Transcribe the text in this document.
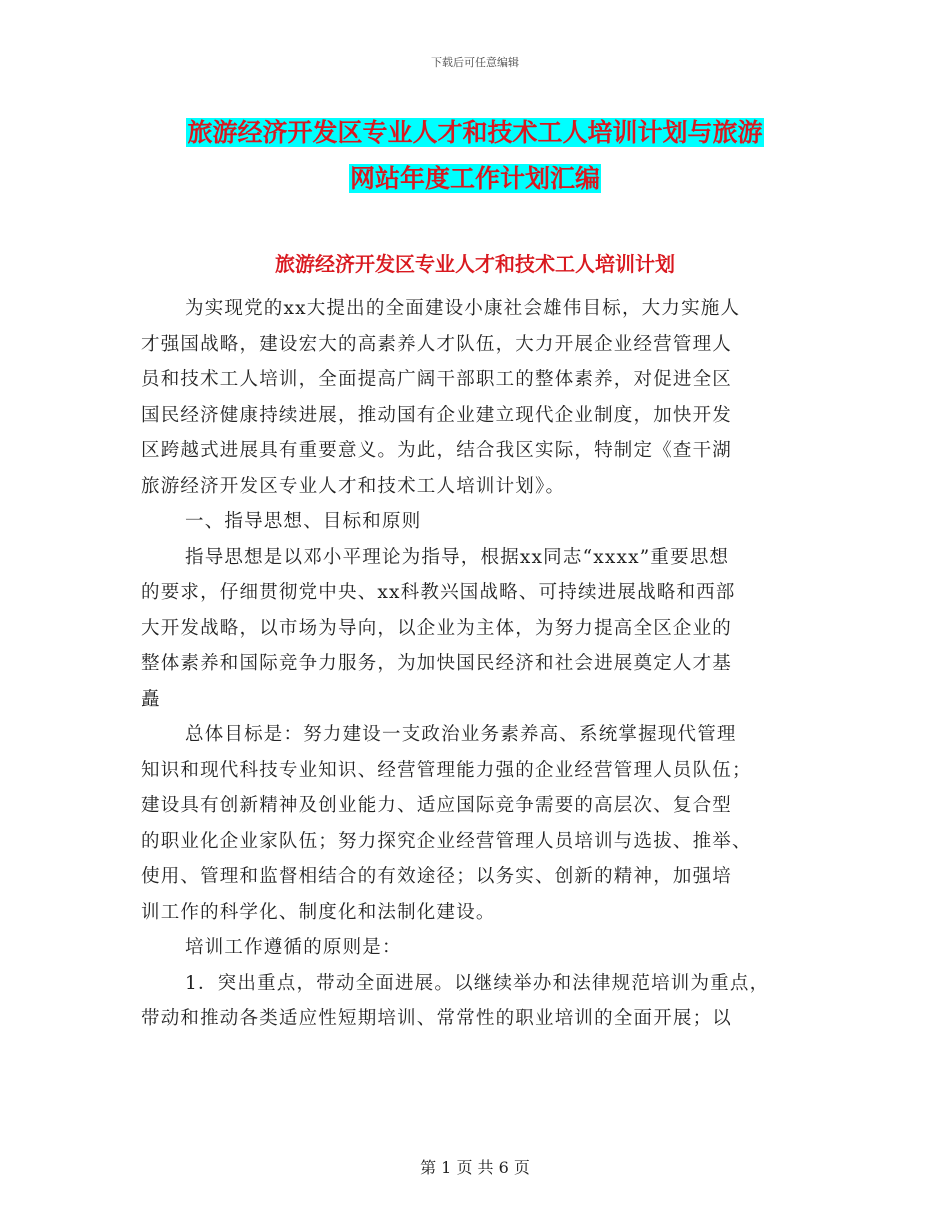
下载后可任意编辑
旅游经济开发区专业人才和技术工人培训计划与旅游
网站年度工作计划汇编
旅游经济开发区专业人才和技术工人培训计划
为实现党的xx大提出的全面建设小康社会雄伟目标，大力实施人
才强国战略，建设宏大的高素养人才队伍，大力开展企业经营管理人
员和技术工人培训，全面提高广阔干部职工的整体素养，对促进全区
国民经济健康持续进展，推动国有企业建立现代企业制度，加快开发
区跨越式进展具有重要意义。为此，结合我区实际，特制定《查干湖
旅游经济开发区专业人才和技术工人培训计划》。
一、指导思想、目标和原则
指导思想是以邓小平理论为指导，根据xx同志“xxxx”重要思想
的要求，仔细贯彻党中央、xx科教兴国战略、可持续进展战略和西部
大开发战略，以市场为导向，以企业为主体，为努力提高全区企业的
整体素养和国际竞争力服务，为加快国民经济和社会进展奠定人才基
矗
总体目标是：努力建设一支政治业务素养高、系统掌握现代管理
知识和现代科技专业知识、经营管理能力强的企业经营管理人员队伍；
建设具有创新精神及创业能力、适应国际竞争需要的高层次、复合型
的职业化企业家队伍；努力探究企业经营管理人员培训与选拔、推举、
使用、管理和监督相结合的有效途径；以务实、创新的精神，加强培
训工作的科学化、制度化和法制化建设。
培训工作遵循的原则是：
1．突出重点，带动全面进展。以继续举办和法律规范培训为重点，
带动和推动各类适应性短期培训、常常性的职业培训的全面开展；以
第 1 页 共 6 页
